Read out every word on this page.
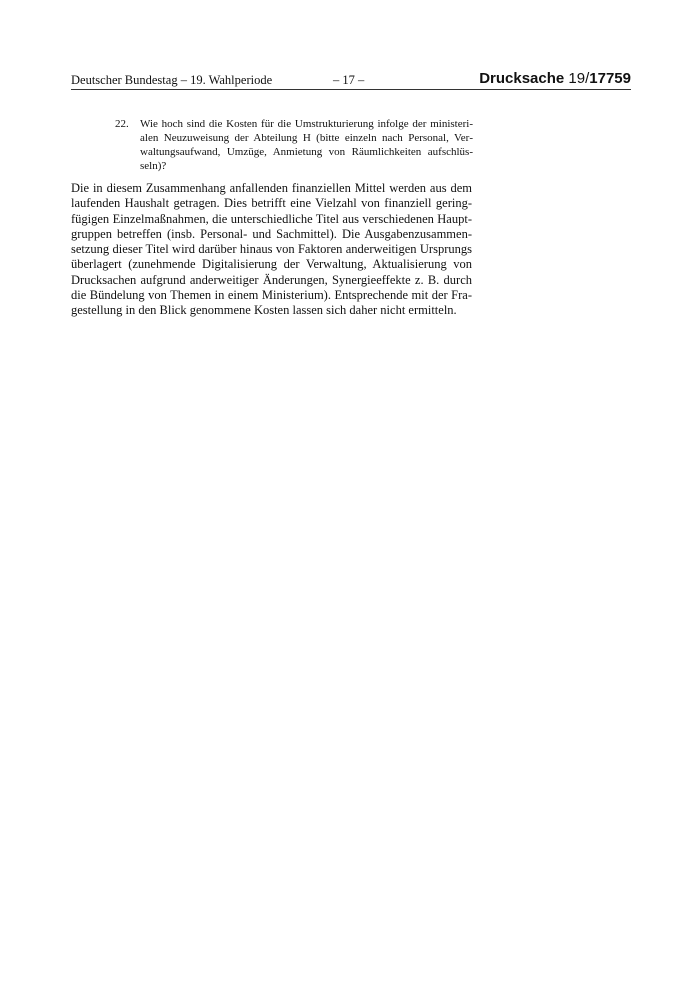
Deutscher Bundestag – 19. Wahlperiode	– 17 –	Drucksache 19/17759
22. Wie hoch sind die Kosten für die Umstrukturierung infolge der ministerialen Neuzuweisung der Abteilung H (bitte einzeln nach Personal, Verwaltungsaufwand, Umzüge, Anmietung von Räumlichkeiten aufschlüsseln)?
Die in diesem Zusammenhang anfallenden finanziellen Mittel werden aus dem laufenden Haushalt getragen. Dies betrifft eine Vielzahl von finanziell geringfügigen Einzelmaßnahmen, die unterschiedliche Titel aus verschiedenen Hauptgruppen betreffen (insb. Personal- und Sachmittel). Die Ausgabenzusammensetzung dieser Titel wird darüber hinaus von Faktoren anderweitigen Ursprungs überlagert (zunehmende Digitalisierung der Verwaltung, Aktualisierung von Drucksachen aufgrund anderweitiger Änderungen, Synergieeffekte z. B. durch die Bündelung von Themen in einem Ministerium). Entsprechende mit der Fragestellung in den Blick genommene Kosten lassen sich daher nicht ermitteln.
